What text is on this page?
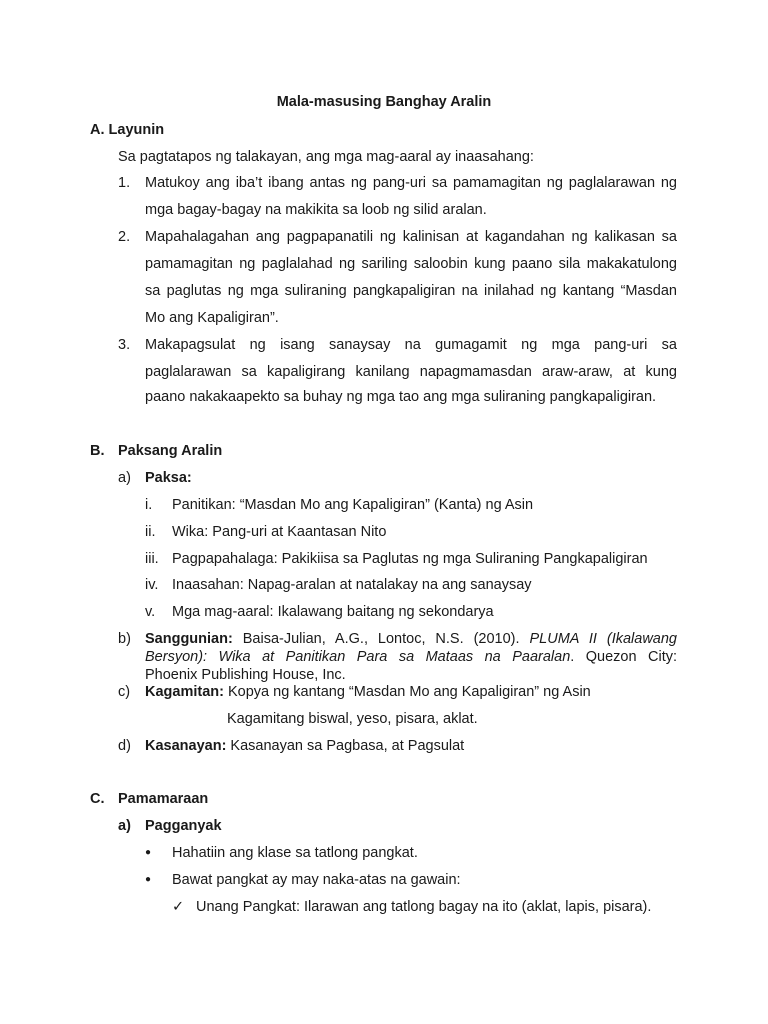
Mala-masusing Banghay Aralin
A. Layunin
Sa pagtatapos ng talakayan, ang mga mag-aaral ay inaasahang:
1. Matukoy ang iba’t ibang antas ng pang-uri sa pamamagitan ng paglalarawan ng
mga bagay-bagay na makikita sa loob ng silid aralan.
2. Mapahalagahan ang pagpapanatili ng kalinisan at kagandahan ng kalikasan sa
pamamagitan ng paglalahad ng sariling saloobin kung paano sila makakatulong
sa paglutas ng mga suliraning pangkapaligiran na inilahad ng kantang “Masdan
Mo ang Kapaligiran”.
3. Makapagsulat ng isang sanaysay na gumagamit ng mga pang-uri sa
paglalarawan sa kapaligirang kanilang napagmamasdan araw-araw, at kung
paano nakakaapekto sa buhay ng mga tao ang mga suliraning pangkapaligiran.
B. Paksang Aralin
a) Paksa:
i. Panitikan: “Masdan Mo ang Kapaligiran” (Kanta) ng Asin
ii. Wika: Pang-uri at Kaantasan Nito
iii. Pagpapahalaga: Pakikiisa sa Paglutas ng mga Suliraning Pangkapaligiran
iv. Inaasahan: Napag-aralan at natalakay na ang sanaysay
v. Mga mag-aaral: Ikalawang baitang ng sekondarya
b) Sanggunian: Baisa-Julian, A.G., Lontoc, N.S. (2010). PLUMA II (Ikalawang
Bersyon): Wika at Panitikan Para sa Mataas na Paaralan. Quezon City:
Phoenix Publishing House, Inc.
c) Kagamitan: Kopya ng kantang “Masdan Mo ang Kapaligiran” ng Asin
Kagamitang biswal, yeso, pisara, aklat.
d) Kasanayan: Kasanayan sa Pagbasa, at Pagsulat
C. Pamamaraan
a) Pagganyak
● Hahatiin ang klase sa tatlong pangkat.
● Bawat pangkat ay may naka-atas na gawain:
✓ Unang Pangkat: Ilarawan ang tatlong bagay na ito (aklat, lapis, pisara).
